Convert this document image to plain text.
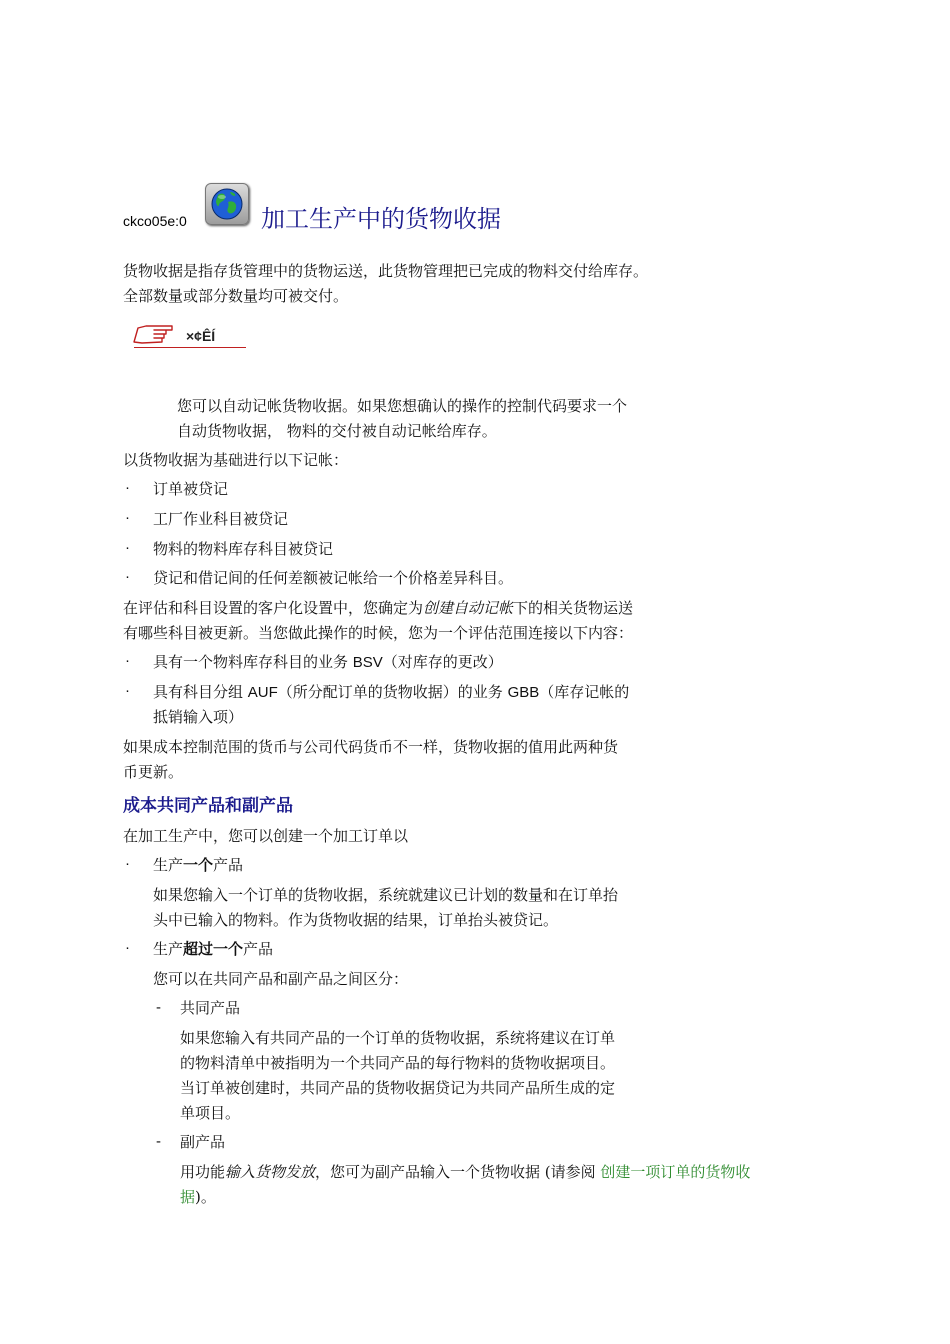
ckco05e:0	加工生产中的货物收据
货物收据是指存货管理中的货物运送，此货物管理把已完成的物料交付给库存。
全部数量或部分数量均可被交付。
×¢ÊÍ
您可以自动记帐货物收据。如果您想确认的操作的控制代码要求一个
自动货物收据， 物料的交付被自动记帐给库存。
以货物收据为基础进行以下记帐：
· 订单被贷记
· 工厂作业科目被贷记
· 物料的物料库存科目被贷记
· 贷记和借记间的任何差额被记帐给一个价格差异科目。
在评估和科目设置的客户化设置中，您确定为创建自动记帐下的相关货物运送
有哪些科目被更新。当您做此操作的时候，您为一个评估范围连接以下内容：
· 具有一个物料库存科目的业务 BSV（对库存的更改）
· 具有科目分组 AUF（所分配订单的货物收据）的业务 GBB（库存记帐的
抵销输入项）
如果成本控制范围的货币与公司代码货币不一样，货物收据的值用此两种货
币更新。
成本共同产品和副产品
在加工生产中，您可以创建一个加工订单以
· 生产一个产品
如果您输入一个订单的货物收据，系统就建议已计划的数量和在订单抬
头中已输入的物料。作为货物收据的结果，订单抬头被贷记。
· 生产超过一个产品
您可以在共同产品和副产品之间区分：
- 共同产品
如果您输入有共同产品的一个订单的货物收据，系统将建议在订单
的物料清单中被指明为一个共同产品的每行物料的货物收据项目。
当订单被创建时，共同产品的货物收据贷记为共同产品所生成的定
单项目。
- 副产品
用功能输入货物发放，您可为副产品输入一个货物收据 (请参阅 创建一项订单的货物收
据)。
